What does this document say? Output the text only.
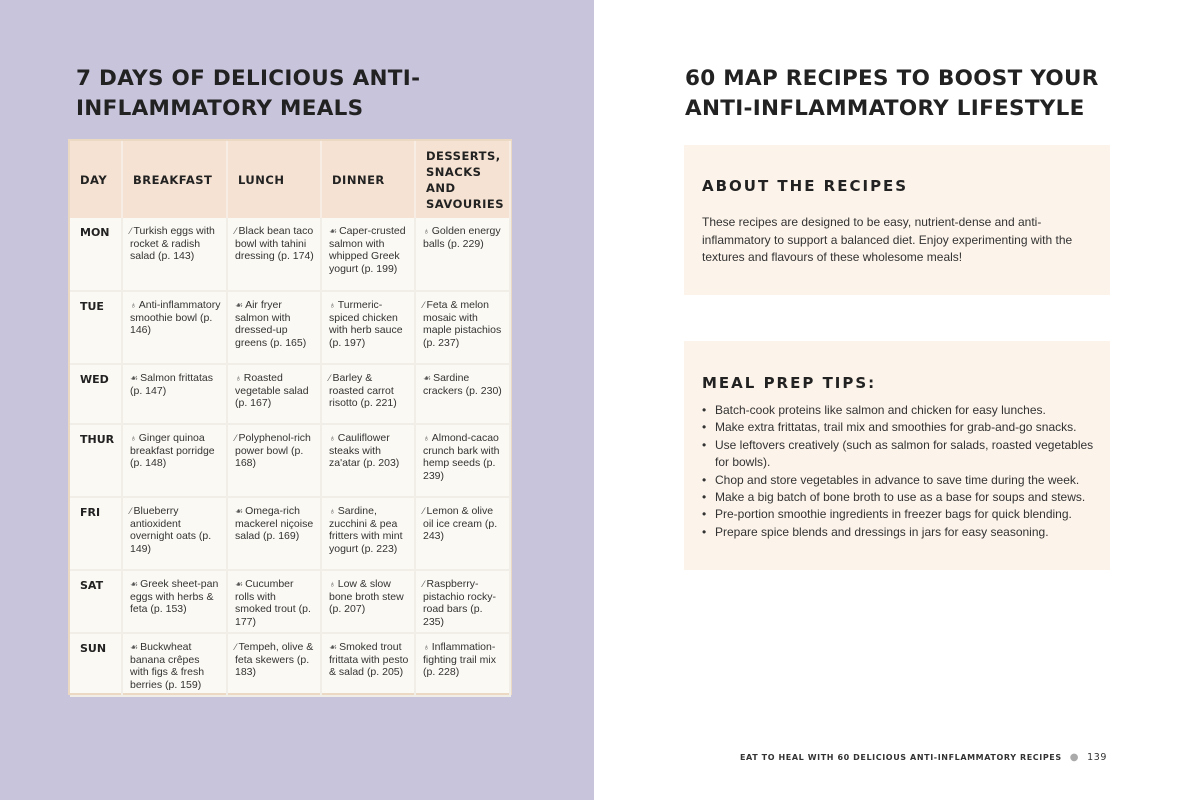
7 DAYS OF DELICIOUS ANTI-INFLAMMATORY MEALS
DAY	BREAKFAST	LUNCH	DINNER	DESSERTS, SNACKS AND SAVOURIES
MON	⁄ Turkish eggs with rocket & radish salad (p. 143)	⁄ Black bean taco bowl with tahini dressing (p. 174)	☙ Caper-crusted salmon with whipped Greek yogurt (p. 199)	♁ Golden energy balls (p. 229)
TUE	♁ Anti-inflammatory smoothie bowl (p. 146)	☙ Air fryer salmon with dressed-up greens (p. 165)	♁ Turmeric-spiced chicken with herb sauce (p. 197)	⁄ Feta & melon mosaic with maple pistachios (p. 237)
WED	☙ Salmon frittatas (p. 147)	♁ Roasted vegetable salad (p. 167)	⁄ Barley & roasted carrot risotto (p. 221)	☙ Sardine crackers (p. 230)
THUR	♁ Ginger quinoa breakfast porridge (p. 148)	⁄ Polyphenol-rich power bowl (p. 168)	♁ Cauliflower steaks with za'atar (p. 203)	♁ Almond-cacao crunch bark with hemp seeds (p. 239)
FRI	⁄ Blueberry antioxident overnight oats (p. 149)	☙ Omega-rich mackerel niçoise salad (p. 169)	♁ Sardine, zucchini & pea fritters with mint yogurt (p. 223)	⁄ Lemon & olive oil ice cream (p. 243)
SAT	☙ Greek sheet-pan eggs with herbs & feta (p. 153)	☙ Cucumber rolls with smoked trout (p. 177)	♁ Low & slow bone broth stew (p. 207)	⁄ Raspberry-pistachio rocky-road bars (p. 235)
SUN	☙ Buckwheat banana crêpes with figs & fresh berries (p. 159)	⁄ Tempeh, olive & feta skewers (p. 183)	☙ Smoked trout frittata with pesto & salad (p. 205)	♁ Inflammation-fighting trail mix (p. 228)
60 MAP RECIPES TO BOOST YOUR ANTI-INFLAMMATORY LIFESTYLE
ABOUT THE RECIPES

These recipes are designed to be easy, nutrient-dense and anti-inflammatory to support a balanced diet. Enjoy experimenting with the textures and flavours of these wholesome meals!

MEAL PREP TIPS:
• Batch-cook proteins like salmon and chicken for easy lunches.
• Make extra frittatas, trail mix and smoothies for grab-and-go snacks.
• Use leftovers creatively (such as salmon for salads, roasted vegetables for bowls).
• Chop and store vegetables in advance to save time during the week.
• Make a big batch of bone broth to use as a base for soups and stews.
• Pre-portion smoothie ingredients in freezer bags for quick blending.
• Prepare spice blends and dressings in jars for easy seasoning.
EAT TO HEAL WITH 60 DELICIOUS ANTI-INFLAMMATORY RECIPES ● 139
